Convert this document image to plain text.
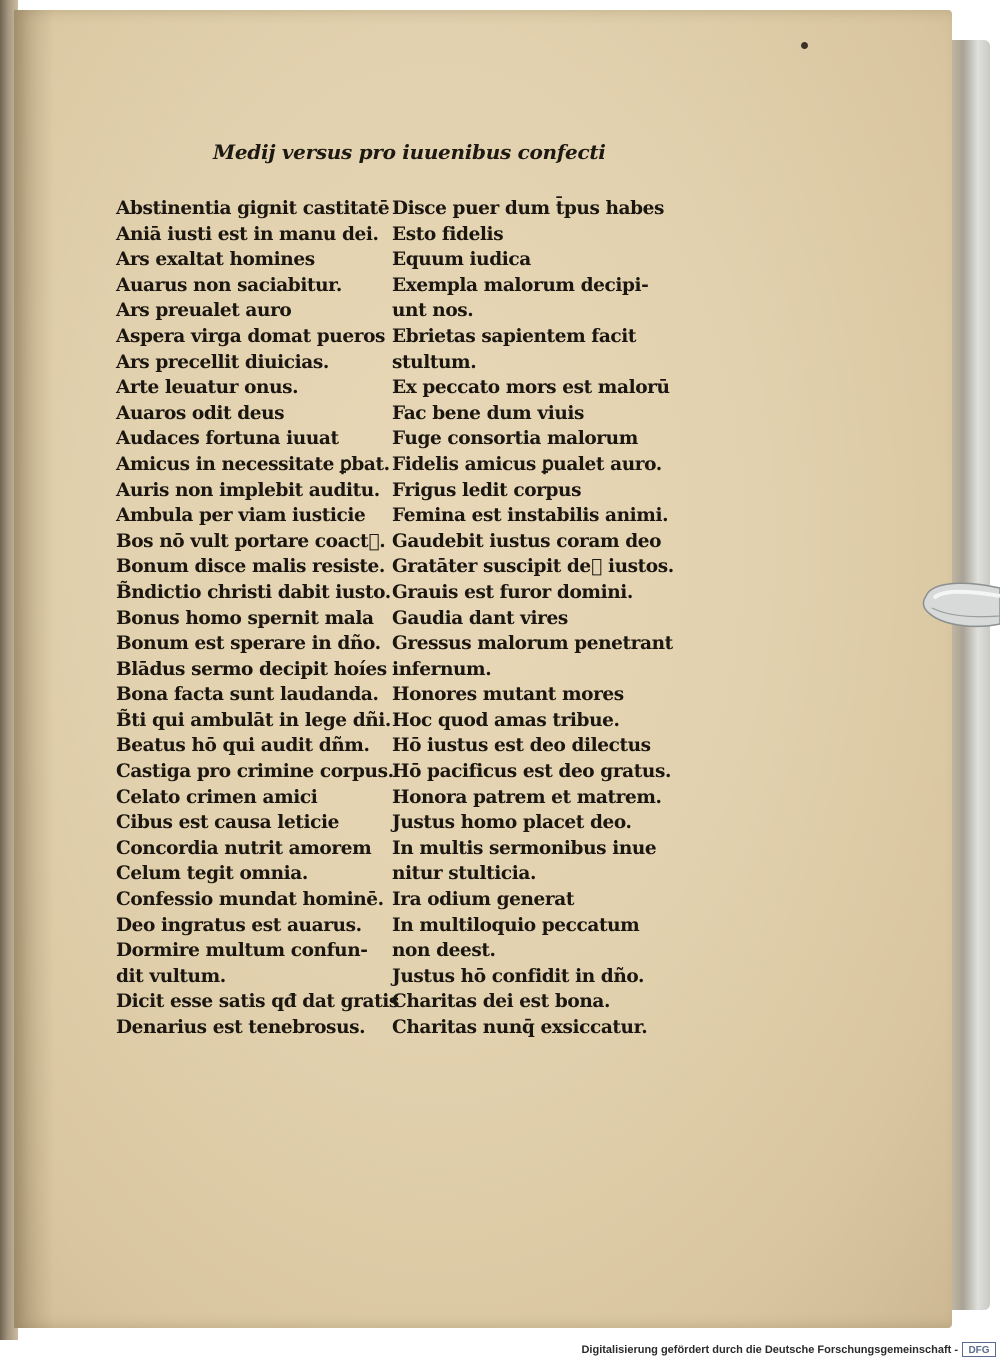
Medij versus pro iuuenibus confecti
Abstinentia gignit castitatē
Aniā iusti est in manu dei.
Ars exaltat homines
Auarus non saciabitur.
Ars preualet auro
Aspera virga domat pueros
Ars precellit diuicias.
Arte leuatur onus.
Auaros odit deus
Audaces fortuna iuuat
Amicus in necessitate ꝑbat.
Auris non implebit auditu.
Ambula per viam iusticie
Bos nō vult portare coactᷞ.
Bonum disce malis resiste.
B̃ndictio christi dabit iusto.
Bonus homo spernit mala
Bonum est sperare in dño.
Blādus sermo decipit hoíes
Bona facta sunt laudanda.
B̃ti qui ambulāt in lege dñi.
Beatus hō qui audit dñm.
Castiga pro crimine corpus.
Celato crimen amici
Cibus est causa leticie
Concordia nutrit amorem
Celum tegit omnia.
Confessio mundat hominē.
Deo ingratus est auarus.
Dormire multum confun-
dit vultum.
Dicit esse satis qđ dat gratis
Denarius est tenebrosus.
Disce puer dum t̄pus habes
Esto fidelis
Equum iudica
Exempla malorum decipi-
unt nos.
Ebrietas sapientem facit
stultum.
Ex peccato mors est malorū
Fac bene dum viuis
Fuge consortia malorum
Fidelis amicus ꝑualet auro.
Frigus ledit corpus
Femina est instabilis animi.
Gaudebit iustus coram deo
Gratāter suscipit deᷞ iustos.
Grauis est furor domini.
Gaudia dant vires
Gressus malorum penetrant
infernum.
Honores mutant mores
Hoc quod amas tribue.
Hō iustus est deo dilectus
Hō pacificus est deo gratus.
Honora patrem et matrem.
Justus homo placet deo.
In multis sermonibus inue
nitur stulticia.
Ira odium generat
In multiloquio peccatum
non deest.
Justus hō confidit in dño.
Charitas dei est bona.
Charitas nunq̄ exsiccatur.
Digitalisierung gefördert durch die Deutsche Forschungsgemeinschaft -	DFG
